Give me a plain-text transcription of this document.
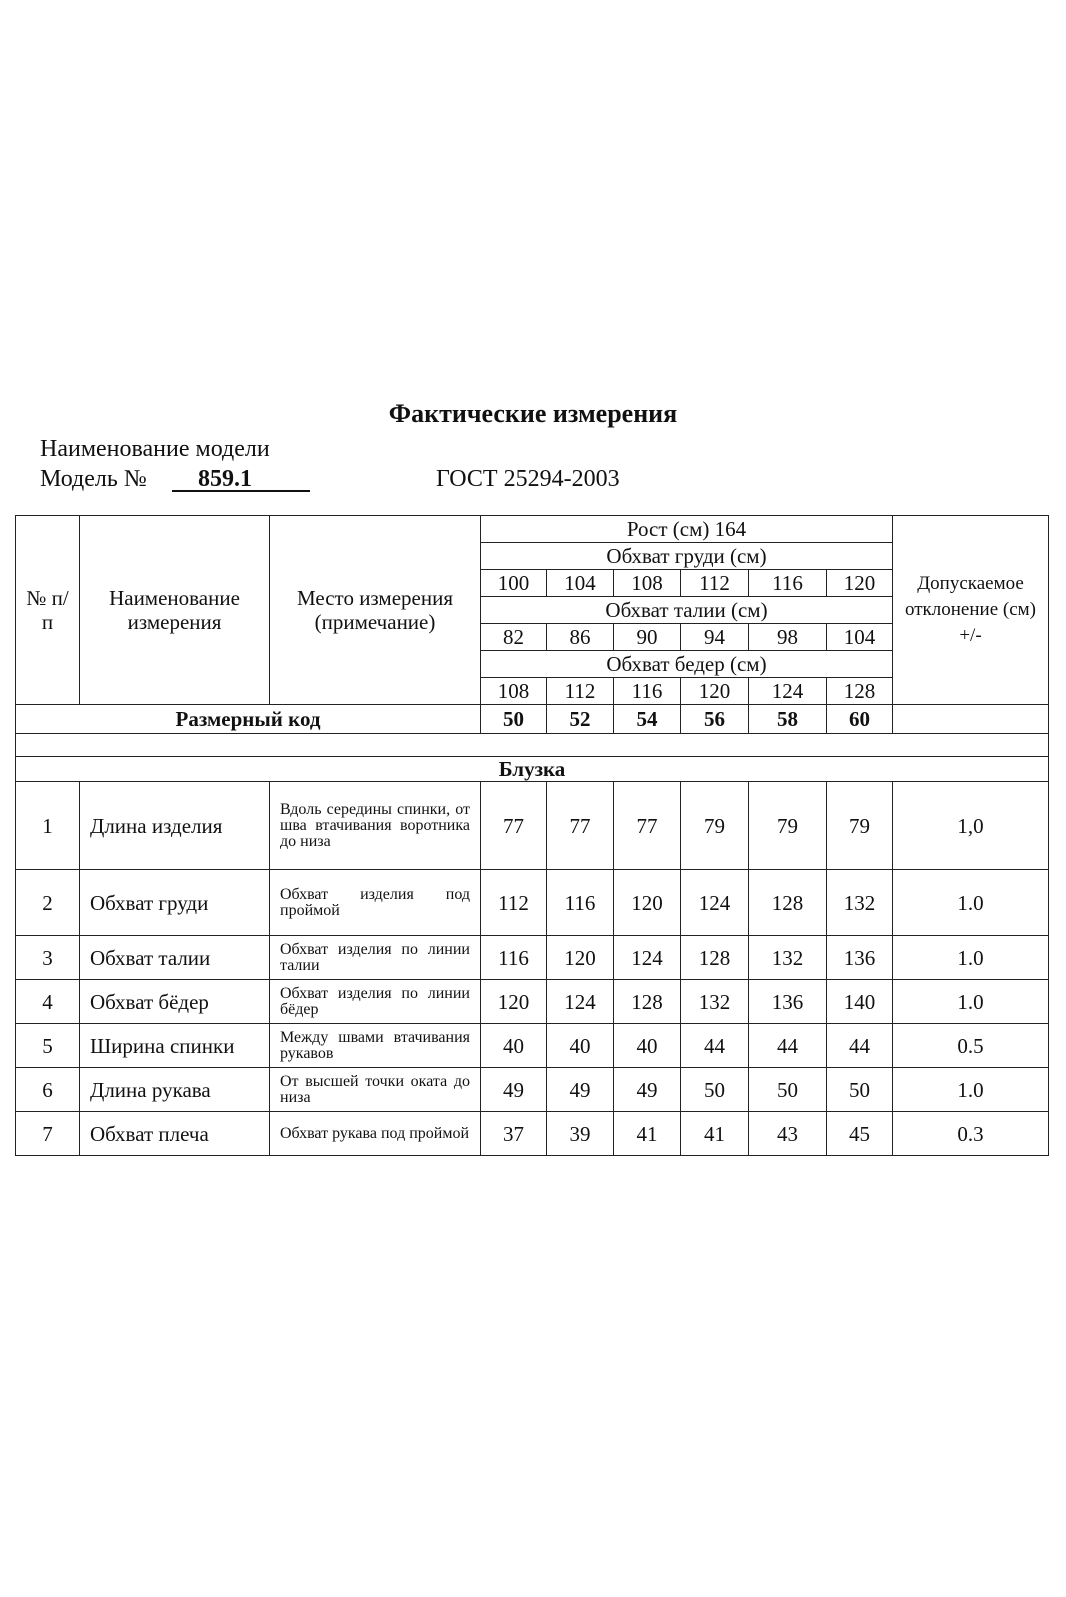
Фактические измерения
Наименование модели
Модель №	859.1	ГОСТ 25294-2003
№ п/п	Наименование измерения	Место измерения (примечание)	Рост (см) 164						Допускаемое отклонение (см) +/-
			Обхват груди (см)						
			100	104	108	112	116	120	
			Обхват талии (см)						
			82	86	90	94	98	104	
			Обхват бедер (см)						
			108	112	116	120	124	128	
Размерный код			50	52	54	56	58	60	

Блузка									
1	Длина изделия	Вдоль середины спинки, от шва втачивания воротника до низа	77	77	77	79	79	79	1,0
2	Обхват груди	Обхват изделия под проймой	112	116	120	124	128	132	1.0
3	Обхват талии	Обхват изделия по линии талии	116	120	124	128	132	136	1.0
4	Обхват бёдер	Обхват изделия по линии бёдер	120	124	128	132	136	140	1.0
5	Ширина спинки	Между швами втачивания рукавов	40	40	40	44	44	44	0.5
6	Длина рукава	От высшей точки оката до низа	49	49	49	50	50	50	1.0
7	Обхват плеча	Обхват рукава под проймой	37	39	41	41	43	45	0.3
